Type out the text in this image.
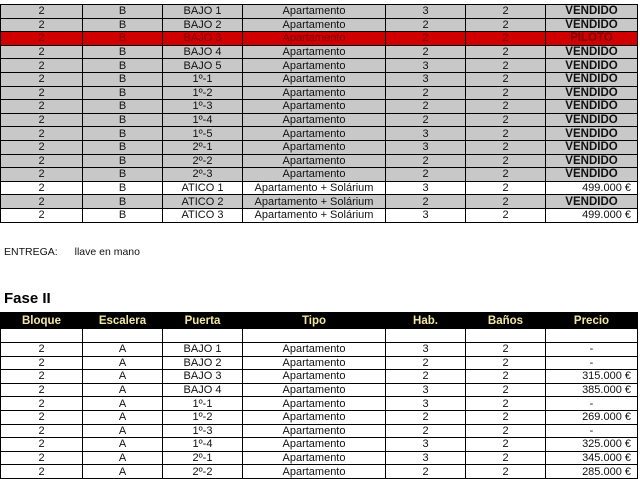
2	B	BAJO 1	Apartamento	3	2	VENDIDO
2	B	BAJO 2	Apartamento	2	2	VENDIDO
2	B	BAJO 3	Apartamento	2	2	PILOTO
2	B	BAJO 4	Apartamento	2	2	VENDIDO
2	B	BAJO 5	Apartamento	3	2	VENDIDO
2	B	1º-1	Apartamento	3	2	VENDIDO
2	B	1º-2	Apartamento	2	2	VENDIDO
2	B	1º-3	Apartamento	2	2	VENDIDO
2	B	1º-4	Apartamento	2	2	VENDIDO
2	B	1º-5	Apartamento	3	2	VENDIDO
2	B	2º-1	Apartamento	3	2	VENDIDO
2	B	2º-2	Apartamento	2	2	VENDIDO
2	B	2º-3	Apartamento	2	2	VENDIDO
2	B	ATICO 1	Apartamento + Solárium	3	2	499.000 €
2	B	ATICO 2	Apartamento + Solárium	2	2	VENDIDO
2	B	ATICO 3	Apartamento + Solárium	3	2	499.000 €
ENTREGA: llave en mano
Fase II
Bloque	Escalera	Puerta	Tipo	Hab.	Baños	Precio

2	A	BAJO 1	Apartamento	3	2	-
2	A	BAJO 2	Apartamento	2	2	-
2	A	BAJO 3	Apartamento	2	2	315.000 €
2	A	BAJO 4	Apartamento	3	2	385.000 €
2	A	1º-1	Apartamento	3	2	-
2	A	1º-2	Apartamento	2	2	269.000 €
2	A	1º-3	Apartamento	2	2	-
2	A	1º-4	Apartamento	3	2	325.000 €
2	A	2º-1	Apartamento	3	2	345.000 €
2	A	2º-2	Apartamento	2	2	285.000 €
